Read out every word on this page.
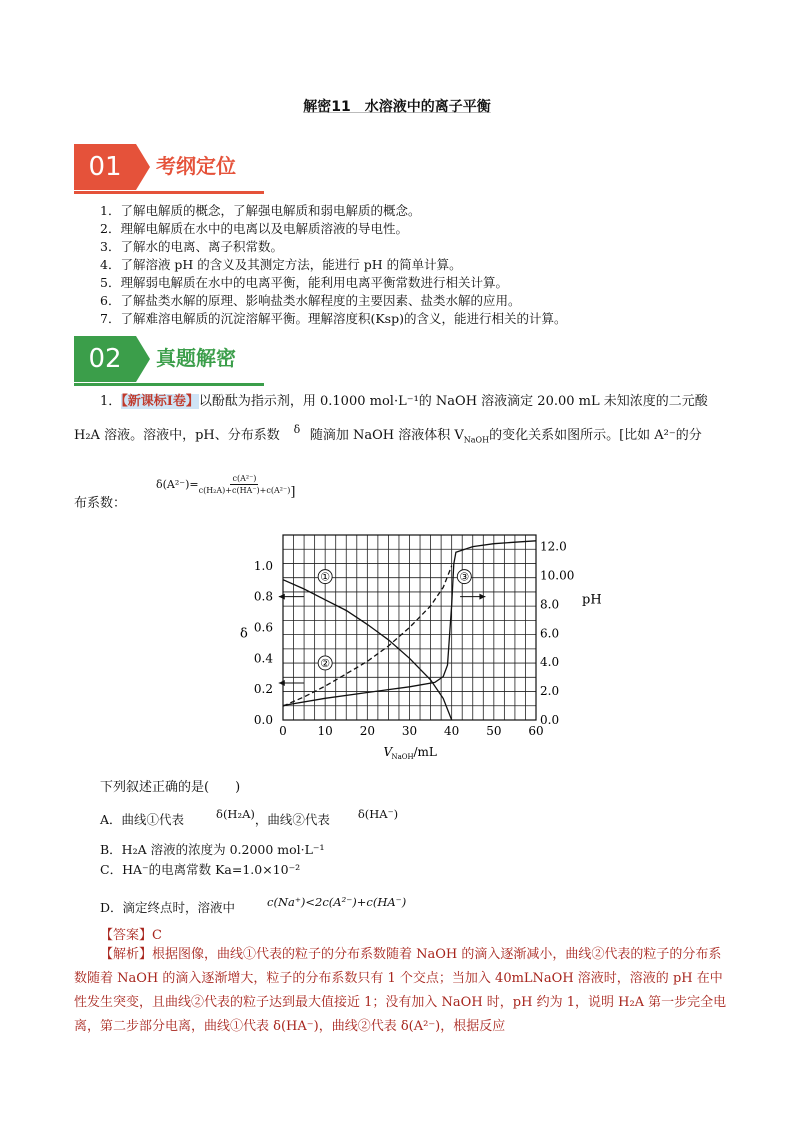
解密11　水溶液中的离子平衡
01	考纲定位
1．了解电解质的概念，了解强电解质和弱电解质的概念。
2．理解电解质在水中的电离以及电解质溶液的导电性。
3．了解水的电离、离子积常数。
4．了解溶液 pH 的含义及其测定方法，能进行 pH 的简单计算。
5．理解弱电解质在水中的电离平衡，能利用电离平衡常数进行相关计算。
6．了解盐类水解的原理、影响盐类水解程度的主要因素、盐类水解的应用。
7．了解难溶电解质的沉淀溶解平衡。理解溶度积(Ksp)的含义，能进行相关的计算。
02	真题解密
1．【新课标Ⅰ卷】以酚酞为指示剂，用 0.1000 mol·L⁻¹的 NaOH 溶液滴定 20.00 mL 未知浓度的二元酸
H₂A 溶液。溶液中，pH、分布系数 δ 随滴加 NaOH 溶液体积 $V_{NaOH}$的变化关系如图所示。[比如 A²⁻的分
布系数：
$\delta(A^{2-})= \frac{\text{c(A²⁻)}}{\text{c(H₂A)+c(HA⁻)+c(A²⁻)}}$ ]
0	10 20 30 40 50 60
0.0
0.2
0.4
0.6
0.8
1.0
0.0
2.0
4.0
6.0
8.0
10.00
12.0
δ
pH
V NaOH /mL
①
②
③
下列叙述正确的是(　　)
A．曲线①代表	δ(H₂A)，曲线②代表 δ(HA⁻)
B．H₂A 溶液的浓度为 0.2000 mol·L⁻¹
C．HA⁻的电离常数 Ka=1.0×10⁻²
D．滴定终点时，溶液中	c(Na⁺)<2c(A²⁻)+c(HA⁻)
【答案】C
【解析】根据图像，曲线①代表的粒子的分布系数随着 NaOH 的滴入逐渐减小，曲线②代表的粒子的分布系数随着 NaOH 的滴入逐渐增大，粒子的分布系数只有 1 个交点；当加入 40mLNaOH 溶液时，溶液的 pH 在中性发生突变，且曲线②代表的粒子达到最大值接近 1；没有加入 NaOH 时，pH 约为 1，说明 H₂A 第一步完全电离，第二步部分电离，曲线①代表 δ(HA⁻)，曲线②代表 δ(A²⁻)，根据反应
